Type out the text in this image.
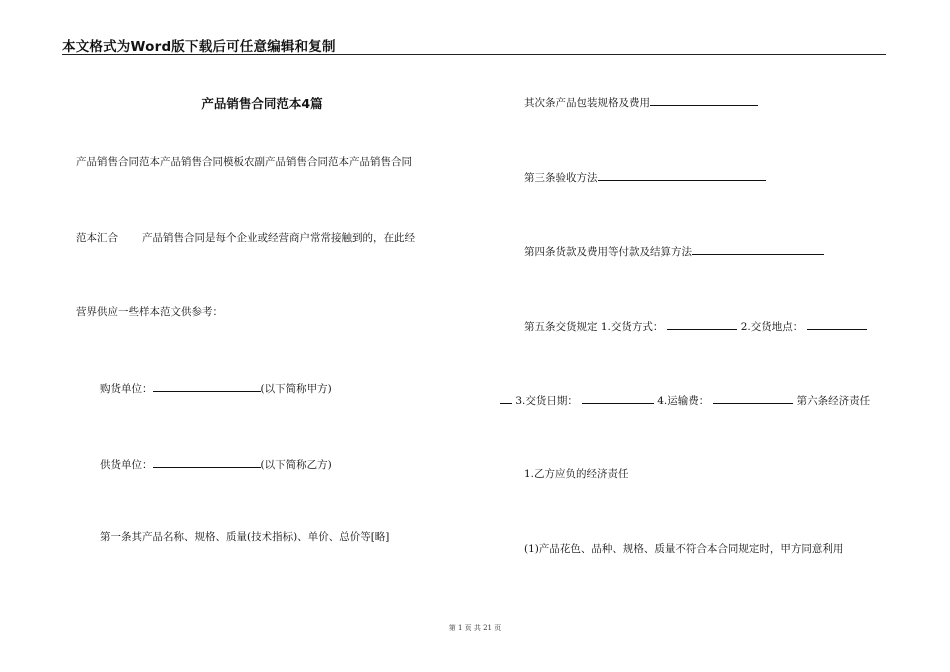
本文格式为Word版下载后可任意编辑和复制
产品销售合同范本4篇
产品销售合同范本产品销售合同模板农副产品销售合同范本产品销售合同
范本汇合 产品销售合同是每个企业或经营商户常常接触到的，在此经
营界供应一些样本范文供参考：
购货单位：	(以下简称甲方)
供货单位：	(以下简称乙方)
第一条其产品名称、规格、质量(技术指标)、单价、总价等[略]
其次条产品包装规格及费用
第三条验收方法
第四条货款及费用等付款及结算方法
第五条交货规定 1.交货方式：	2.交货地点：
3.交货日期：	4.运输费：	第六条经济责任
1.乙方应负的经济责任
(1)产品花色、品种、规格、质量不符合本合同规定时，甲方同意利用
第 1 页 共 21 页
